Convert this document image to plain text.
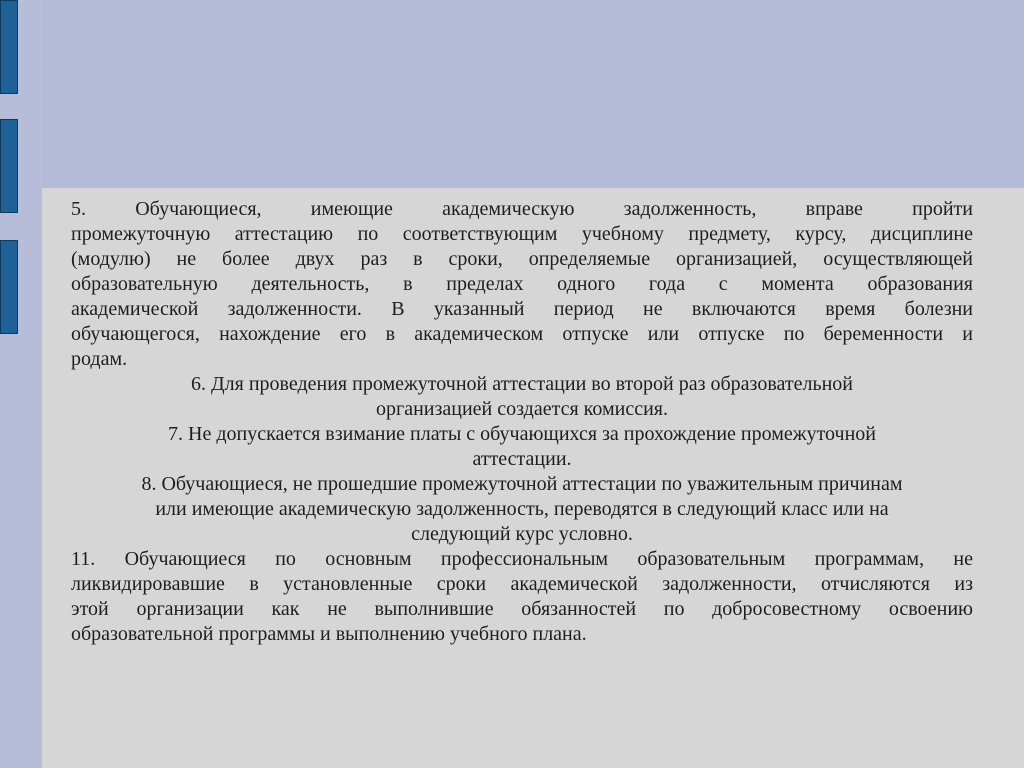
5. Обучающиеся, имеющие академическую задолженность, вправе пройти
промежуточную аттестацию по соответствующим учебному предмету, курсу, дисциплине
(модулю) не более двух раз в сроки, определяемые организацией, осуществляющей
образовательную деятельность, в пределах одного года с момента образования
академической задолженности. В указанный период не включаются время болезни
обучающегося, нахождение его в академическом отпуске или отпуске по беременности и
родам.

6. Для проведения промежуточной аттестации во второй раз образовательной
организацией создается комиссия.

7. Не допускается взимание платы с обучающихся за прохождение промежуточной
аттестации.

8. Обучающиеся, не прошедшие промежуточной аттестации по уважительным причинам
или имеющие академическую задолженность, переводятся в следующий класс или на
следующий курс условно.

11. Обучающиеся по основным профессиональным образовательным программам, не
ликвидировавшие в установленные сроки академической задолженности, отчисляются из
этой организации как не выполнившие обязанностей по добросовестному освоению
образовательной программы и выполнению учебного плана.
